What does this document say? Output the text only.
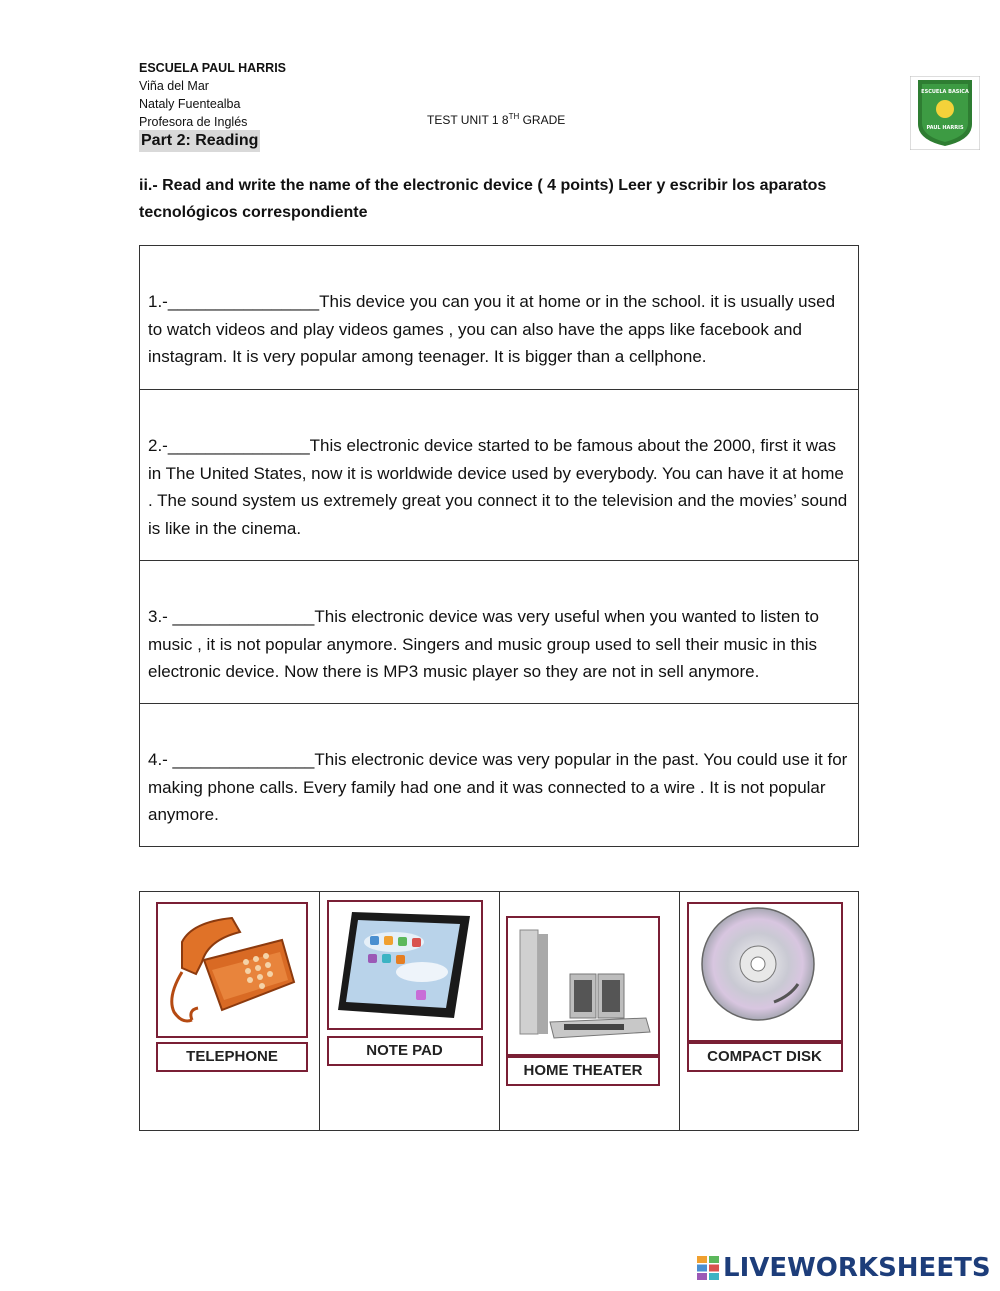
ESCUELA PAUL HARRIS
Viña del Mar
Nataly Fuentealba
Profesora de Inglés	TEST UNIT 1 8TH GRADE
Part 2: Reading
ESCUELA BASICA
PAUL HARRIS
ii.- Read and write the name of the electronic device ( 4 points) Leer y escribir los aparatos tecnológicos correspondiente
1.-________________This device you can you it at home or in the school. it is usually used to watch videos and play videos games , you can also have the apps like facebook and instagram. It is very popular among teenager. It is bigger than a cellphone.
2.-_______________This electronic device started to be famous about the 2000, first it was in The United States, now it is worldwide device used by everybody. You can have it at home . The sound system us extremely great you connect it to the television and the movies’ sound is like in the cinema.
3.- _______________This electronic device was very useful when you wanted to listen to music , it is not popular anymore. Singers and music group used to sell their music in this electronic device. Now there is MP3 music player so they are not in sell anymore.
4.- _______________This electronic device was very popular in the past. You could use it for making phone calls. Every family had one and it was connected to a wire . It is not popular anymore.
TELEPHONE	NOTE PAD
HOME THEATER
COMPACT DISK
LIVEWORKSHEETS
